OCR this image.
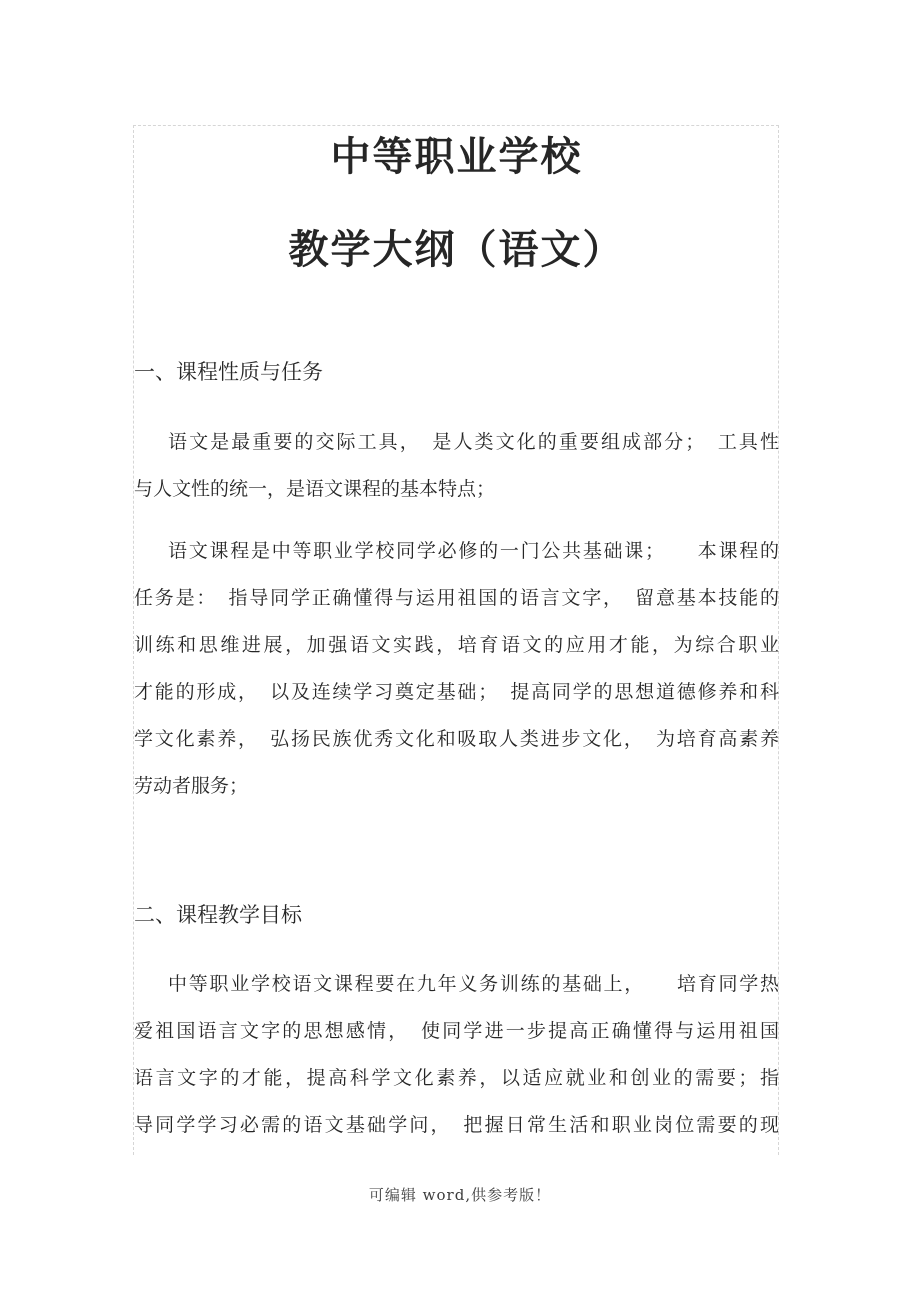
中等职业学校
教学大纲（语文）
一、课程性质与任务
语文是最重要的交际工具，　是人类文化的重要组成部分；　工具性
与人文性的统一，是语文课程的基本特点；
语文课程是中等职业学校同学必修的一门公共基础课；　　本课程的
任务是：　指导同学正确懂得与运用祖国的语言文字，　留意基本技能的
训练和思维进展，加强语文实践，培育语文的应用才能，为综合职业
才能的形成，　以及连续学习奠定基础；　提高同学的思想道德修养和科
学文化素养，　弘扬民族优秀文化和吸取人类进步文化，　为培育高素养
劳动者服务；
二、课程教学目标
中等职业学校语文课程要在九年义务训练的基础上，　　培育同学热
爱祖国语言文字的思想感情，　使同学进一步提高正确懂得与运用祖国
语言文字的才能，提高科学文化素养，以适应就业和创业的需要；指
导同学学习必需的语文基础学问，　把握日常生活和职业岗位需要的现
可编辑 word,供参考版！
